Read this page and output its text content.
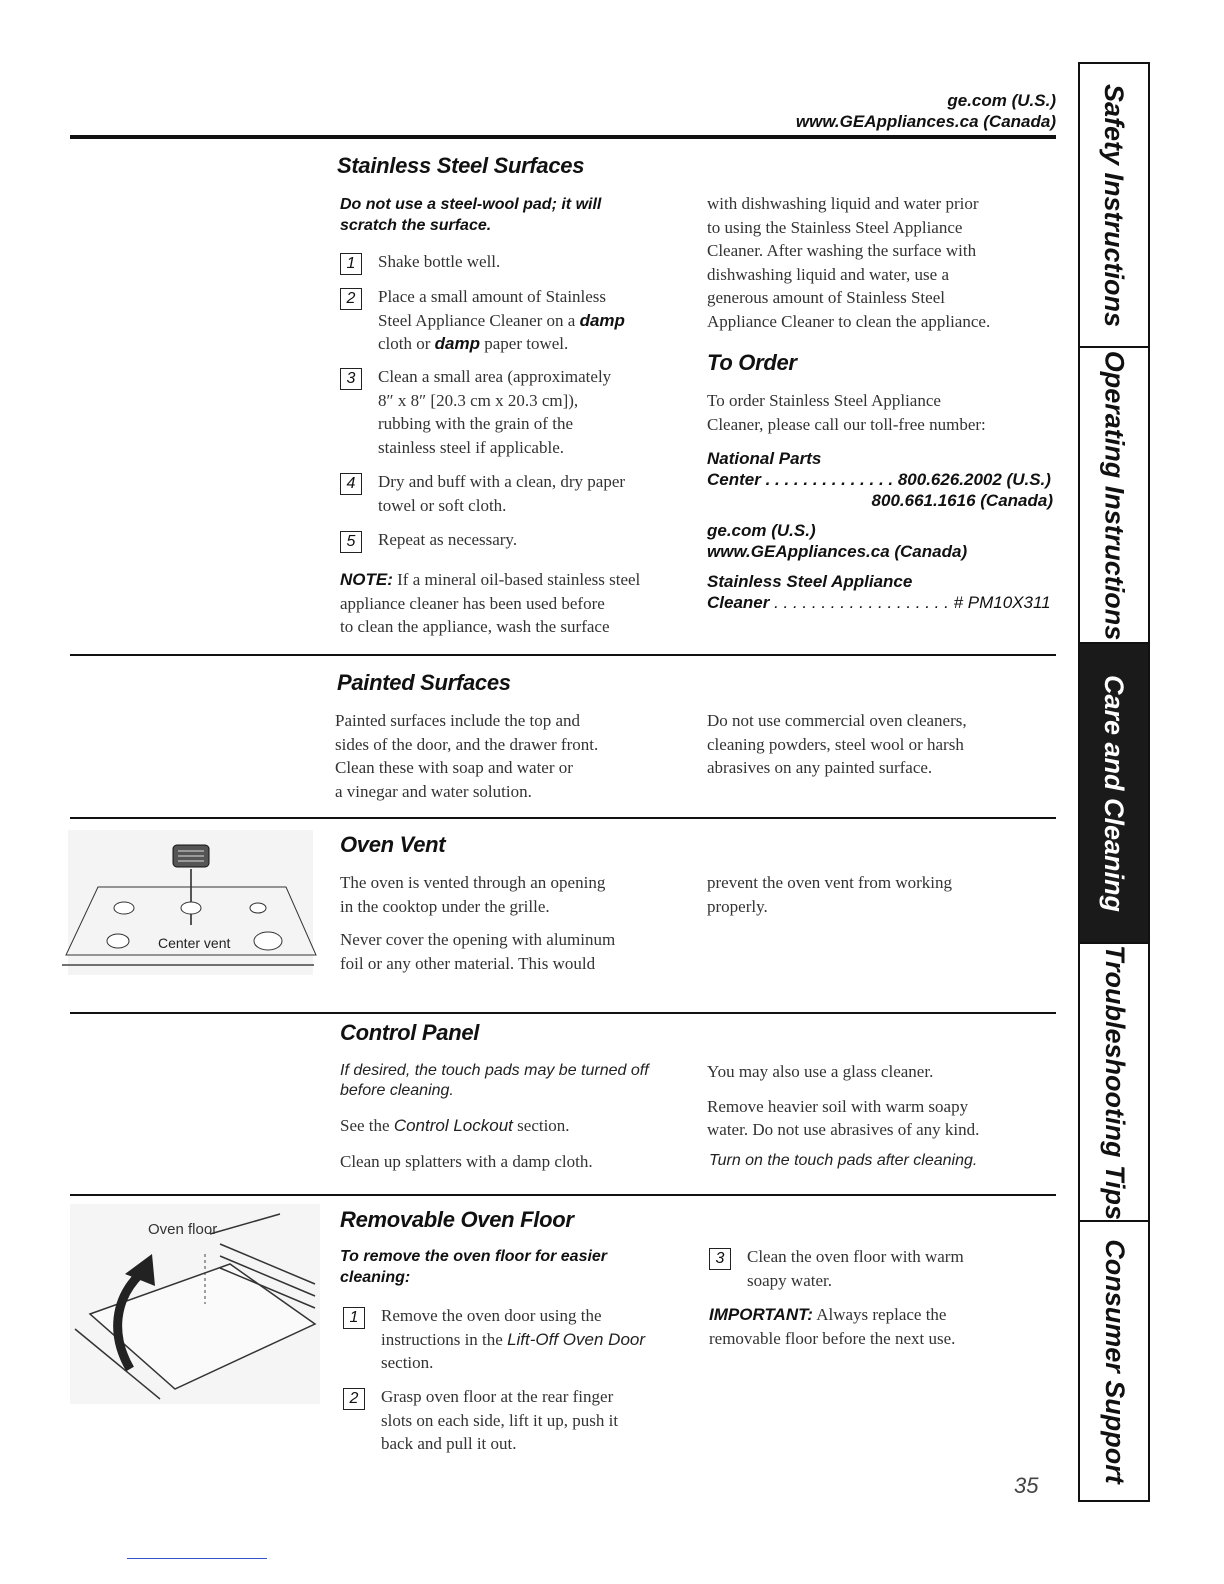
ge.com (U.S.)
www.GEAppliances.ca (Canada)
Stainless Steel Surfaces
Do not use a steel-wool pad; it will
scratch the surface.
1	Shake bottle well.
2	Place a small amount of Stainless
Steel Appliance Cleaner on a damp
cloth or damp paper towel.
3	Clean a small area (approximately
8″ x 8″ [20.3 cm x 20.3 cm]),
rubbing with the grain of the
stainless steel if applicable.
4	Dry and buff with a clean, dry paper
towel or soft cloth.
5	Repeat as necessary.
NOTE: If a mineral oil-based stainless steel
appliance cleaner has been used before
to clean the appliance, wash the surface
with dishwashing liquid and water prior
to using the Stainless Steel Appliance
Cleaner. After washing the surface with
dishwashing liquid and water, use a
generous amount of Stainless Steel
Appliance Cleaner to clean the appliance.
To Order
To order Stainless Steel Appliance
Cleaner, please call our toll-free number:
National Parts
Center . . . . . . . . . . . . . . 800.626.2002 (U.S.)
800.661.1616 (Canada)
ge.com (U.S.)
www.GEAppliances.ca (Canada)
Stainless Steel Appliance
Cleaner . . . . . . . . . . . . . . . . . . . # PM10X311
Painted Surfaces
Painted surfaces include the top and
sides of the door, and the drawer front.
Clean these with soap and water or
a vinegar and water solution.
Do not use commercial oven cleaners,
cleaning powders, steel wool or harsh
abrasives on any painted surface.
Center vent
Oven Vent
The oven is vented through an opening
in the cooktop under the grille.
Never cover the opening with aluminum
foil or any other material. This would
prevent the oven vent from working
properly.
Control Panel
If desired, the touch pads may be turned off
before cleaning.
See the Control Lockout section.
Clean up splatters with a damp cloth.
You may also use a glass cleaner.
Remove heavier soil with warm soapy
water. Do not use abrasives of any kind.
Turn on the touch pads after cleaning.
Oven floor	Removable Oven Floor
To remove the oven floor for easier
cleaning:
1	Remove the oven door using the
instructions in the Lift-Off Oven Door
section.
2	Grasp oven floor at the rear finger
slots on each side, lift it up, push it
back and pull it out.
3	Clean the oven floor with warm
soapy water.
IMPORTANT: Always replace the
removable floor before the next use.
35
Safety Instructions
Operating Instructions
Care and Cleaning
Troubleshooting Tips
Consumer Support
